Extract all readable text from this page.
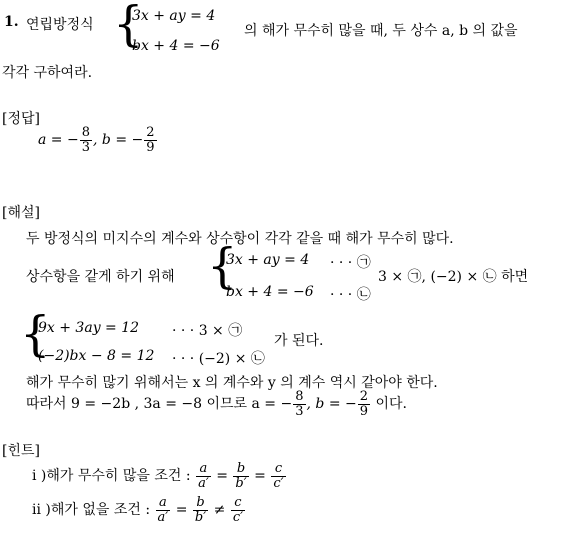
1. 연립방정식 {
3x + ay = 4
bx + 4 = −6
의 해가 무수히 많을 때, 두 상수 a, b 의 값을
각각 구하여라.
[정답]
a = − $\frac{8}{3}$ , b = − $\frac{2}{9}$
[해설]
두 방정식의 미지수의 계수와 상수항이 각각 같을 때 해가 무수히 많다.
상수항을 같게 하기 위해 {
3x + ay = 4 · · · ㉠
bx + 4 = −6 · · · ㉡
3 × ㉠, (−2) × ㉡ 하면
{
9x + 3ay = 12 · · · 3 × ㉠
(−2)bx − 8 = 12 · · · (−2) × ㉡
가 된다.
해가 무수히 많기 위해서는 x 의 계수와 y 의 계수 역시 같아야 한다.
따라서 9 = −2b , 3a = −8 이므로 a = − $\frac{8}{3}$ , b = − $\frac{2}{9}$ 이다.
[힌트]
i )해가 무수히 많을 조건 : $\frac{a}{a'} = \frac{b}{b'} = \frac{c}{c'}$
ii )해가 없을 조건 : $\frac{a}{a'} = \frac{b}{b'} \ne \frac{c}{c'}$
